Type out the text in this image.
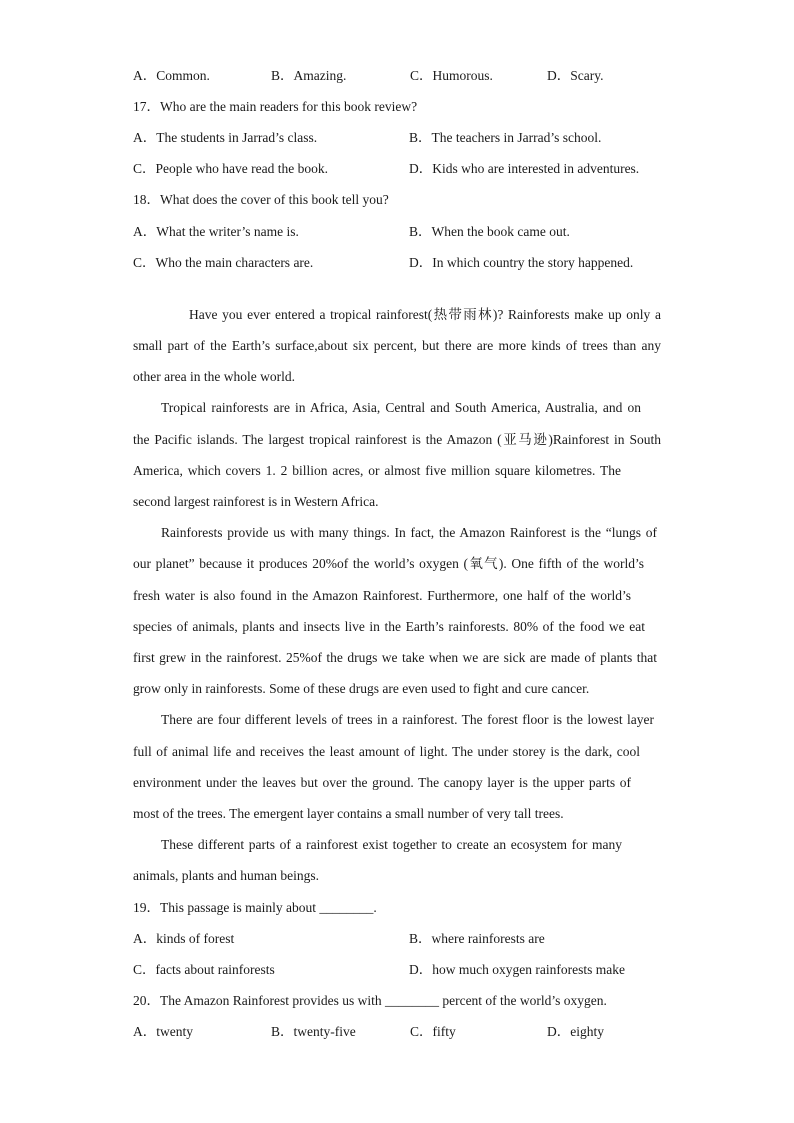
A．Common.	B．Amazing.	C．Humorous.	D．Scary.
17．Who are the main readers for this book review?
A．The students in Jarrad’s class.	B．The teachers in Jarrad’s school.
C．People who have read the book.	D．Kids who are interested in adventures.
18．What does the cover of this book tell you?
A．What the writer’s name is.	B．When the book came out.
C．Who the main characters are.	D．In which country the story happened.
Have you ever entered a tropical rainforest(热带雨林)? Rainforests make up only a
small part of the Earth’s surface,about six percent, but there are more kinds of trees than any
other area in the whole world.
Tropical rainforests are in Africa, Asia, Central and South America, Australia, and on
the Pacific islands. The largest tropical rainforest is the Amazon (亚马逊)Rainforest in South
America, which covers 1. 2 billion acres, or almost five million square kilometres. The
second largest rainforest is in Western Africa.
Rainforests provide us with many things. In fact, the Amazon Rainforest is the “lungs of
our planet” because it produces 20%of the world’s oxygen (氧气). One fifth of the world’s
fresh water is also found in the Amazon Rainforest. Furthermore, one half of the world’s
species of animals, plants and insects live in the Earth’s rainforests. 80% of the food we eat
first grew in the rainforest. 25%of the drugs we take when we are sick are made of plants that
grow only in rainforests. Some of these drugs are even used to fight and cure cancer.
There are four different levels of trees in a rainforest. The forest floor is the lowest layer
full of animal life and receives the least amount of light. The under storey is the dark, cool
environment under the leaves but over the ground. The canopy layer is the upper parts of
most of the trees. The emergent layer contains a small number of very tall trees.
These different parts of a rainforest exist together to create an ecosystem for many
animals, plants and human beings.
19．This passage is mainly about ________.
A．kinds of forest	B．where rainforests are
C．facts about rainforests	D．how much oxygen rainforests make
20．The Amazon Rainforest provides us with ________ percent of the world’s oxygen.
A．twenty	B．twenty-five	C．fifty	D．eighty
